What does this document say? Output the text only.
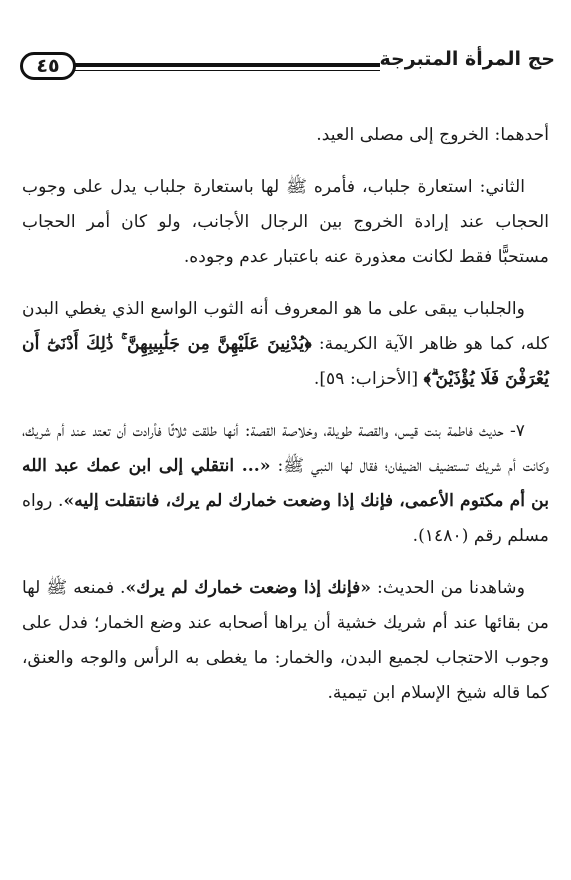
٤٥	حج المرأة المتبرجة

أحدهما: الخروج إلى مصلى العيد.

الثاني: استعارة جلباب، فأمره ﷺ لها باستعارة جلباب يدل على وجوب الحجاب عند إرادة الخروج بين الرجال الأجانب، ولو كان أمر الحجاب مستحبًّا فقط لكانت معذورة عنه باعتبار عدم وجوده.

والجلباب يبقى على ما هو المعروف أنه الثوب الواسع الذي يغطي البدن كله، كما هو ظاهر الآية الكريمة: ﴿يُدْنِينَ عَلَيْهِنَّ مِن جَلَٰبِيبِهِنَّ ۚ ذَٰلِكَ أَدْنَىٰٓ أَن يُعْرَفْنَ فَلَا يُؤْذَيْنَ ۗ﴾ [الأحزاب: ٥٩].

٧- حديث فاطمة بنت قيس، والقصة طويلة، وخلاصة القصة: أنها طلقت ثلاثًا فأرادت أن تعتد عند أم شريك، وكانت أم شريك تستضيف الضيفان؛ فقال لها النبي ﷺ: «... انتقلي إلى ابن عمك عبد الله بن أم مكتوم الأعمى، فإنك إذا وضعت خمارك لم يرك، فانتقلت إليه». رواه مسلم رقم (١٤٨٠).

وشاهدنا من الحديث: «فإنك إذا وضعت خمارك لم يرك». فمنعه ﷺ لها من بقائها عند أم شريك خشية أن يراها أصحابه عند وضع الخمار؛ فدل على وجوب الاحتجاب لجميع البدن، والخمار: ما يغطى به الرأس والوجه والعنق، كما قاله شيخ الإسلام ابن تيمية.
